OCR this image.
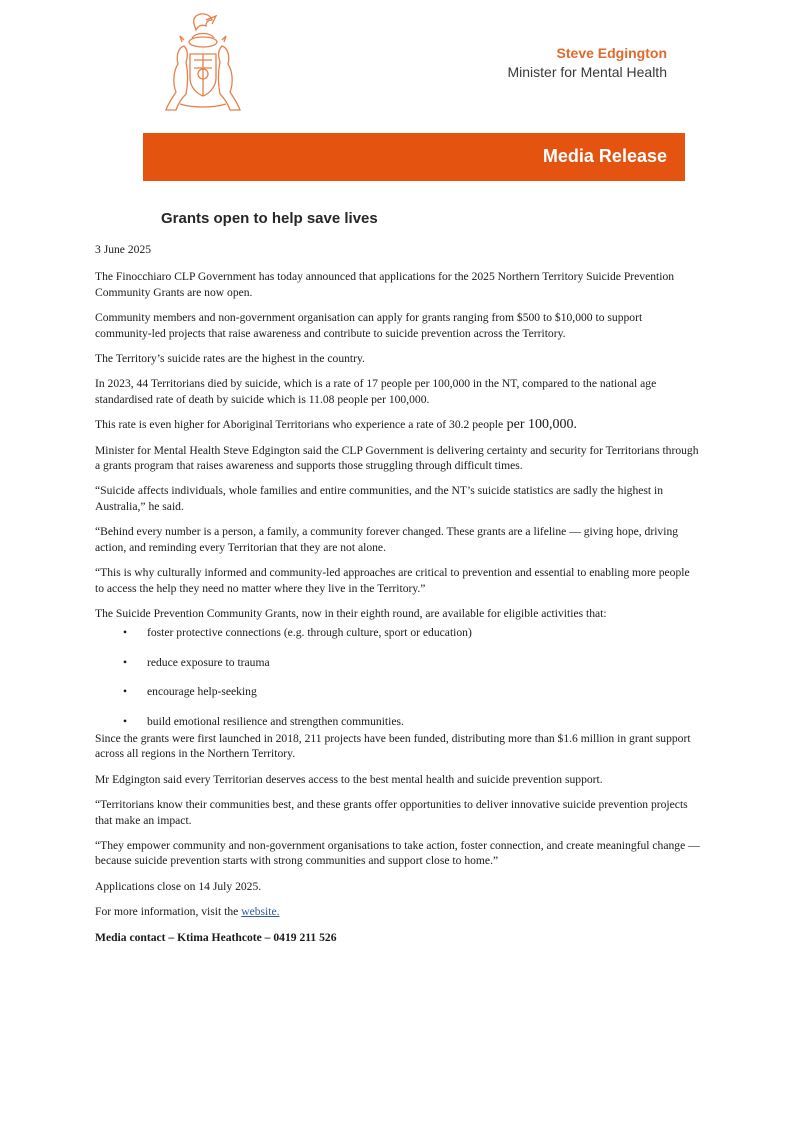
Steve Edgington
Minister for Mental Health
Media Release
Grants open to help save lives

3 June 2025

The Finocchiaro CLP Government has today announced that applications for the 2025 Northern Territory Suicide Prevention Community Grants are now open.

Community members and non-government organisation can apply for grants ranging from $500 to $10,000 to support community-led projects that raise awareness and contribute to suicide prevention across the Territory.

The Territory’s suicide rates are the highest in the country.

In 2023, 44 Territorians died by suicide, which is a rate of 17 people per 100,000 in the NT, compared to the national age standardised rate of death by suicide which is 11.08 people per 100,000.

This rate is even higher for Aboriginal Territorians who experience a rate of 30.2 people per 100,000.

Minister for Mental Health Steve Edgington said the CLP Government is delivering certainty and security for Territorians through a grants program that raises awareness and supports those struggling through difficult times.

“Suicide affects individuals, whole families and entire communities, and the NT’s suicide statistics are sadly the highest in Australia,” he said.

“Behind every number is a person, a family, a community forever changed. These grants are a lifeline — giving hope, driving action, and reminding every Territorian that they are not alone.

“This is why culturally informed and community-led approaches are critical to prevention and essential to enabling more people to access the help they need no matter where they live in the Territory.”

The Suicide Prevention Community Grants, now in their eighth round, are available for eligible activities that:

• foster protective connections (e.g. through culture, sport or education)
• reduce exposure to trauma
• encourage help-seeking
• build emotional resilience and strengthen communities.

Since the grants were first launched in 2018, 211 projects have been funded, distributing more than $1.6 million in grant support across all regions in the Northern Territory.

Mr Edgington said every Territorian deserves access to the best mental health and suicide prevention support.

“Territorians know their communities best, and these grants offer opportunities to deliver innovative suicide prevention projects that make an impact.

“They empower community and non-government organisations to take action, foster connection, and create meaningful change — because suicide prevention starts with strong communities and support close to home.”

Applications close on 14 July 2025.

For more information, visit the website.

Media contact – Ktima Heathcote – 0419 211 526
